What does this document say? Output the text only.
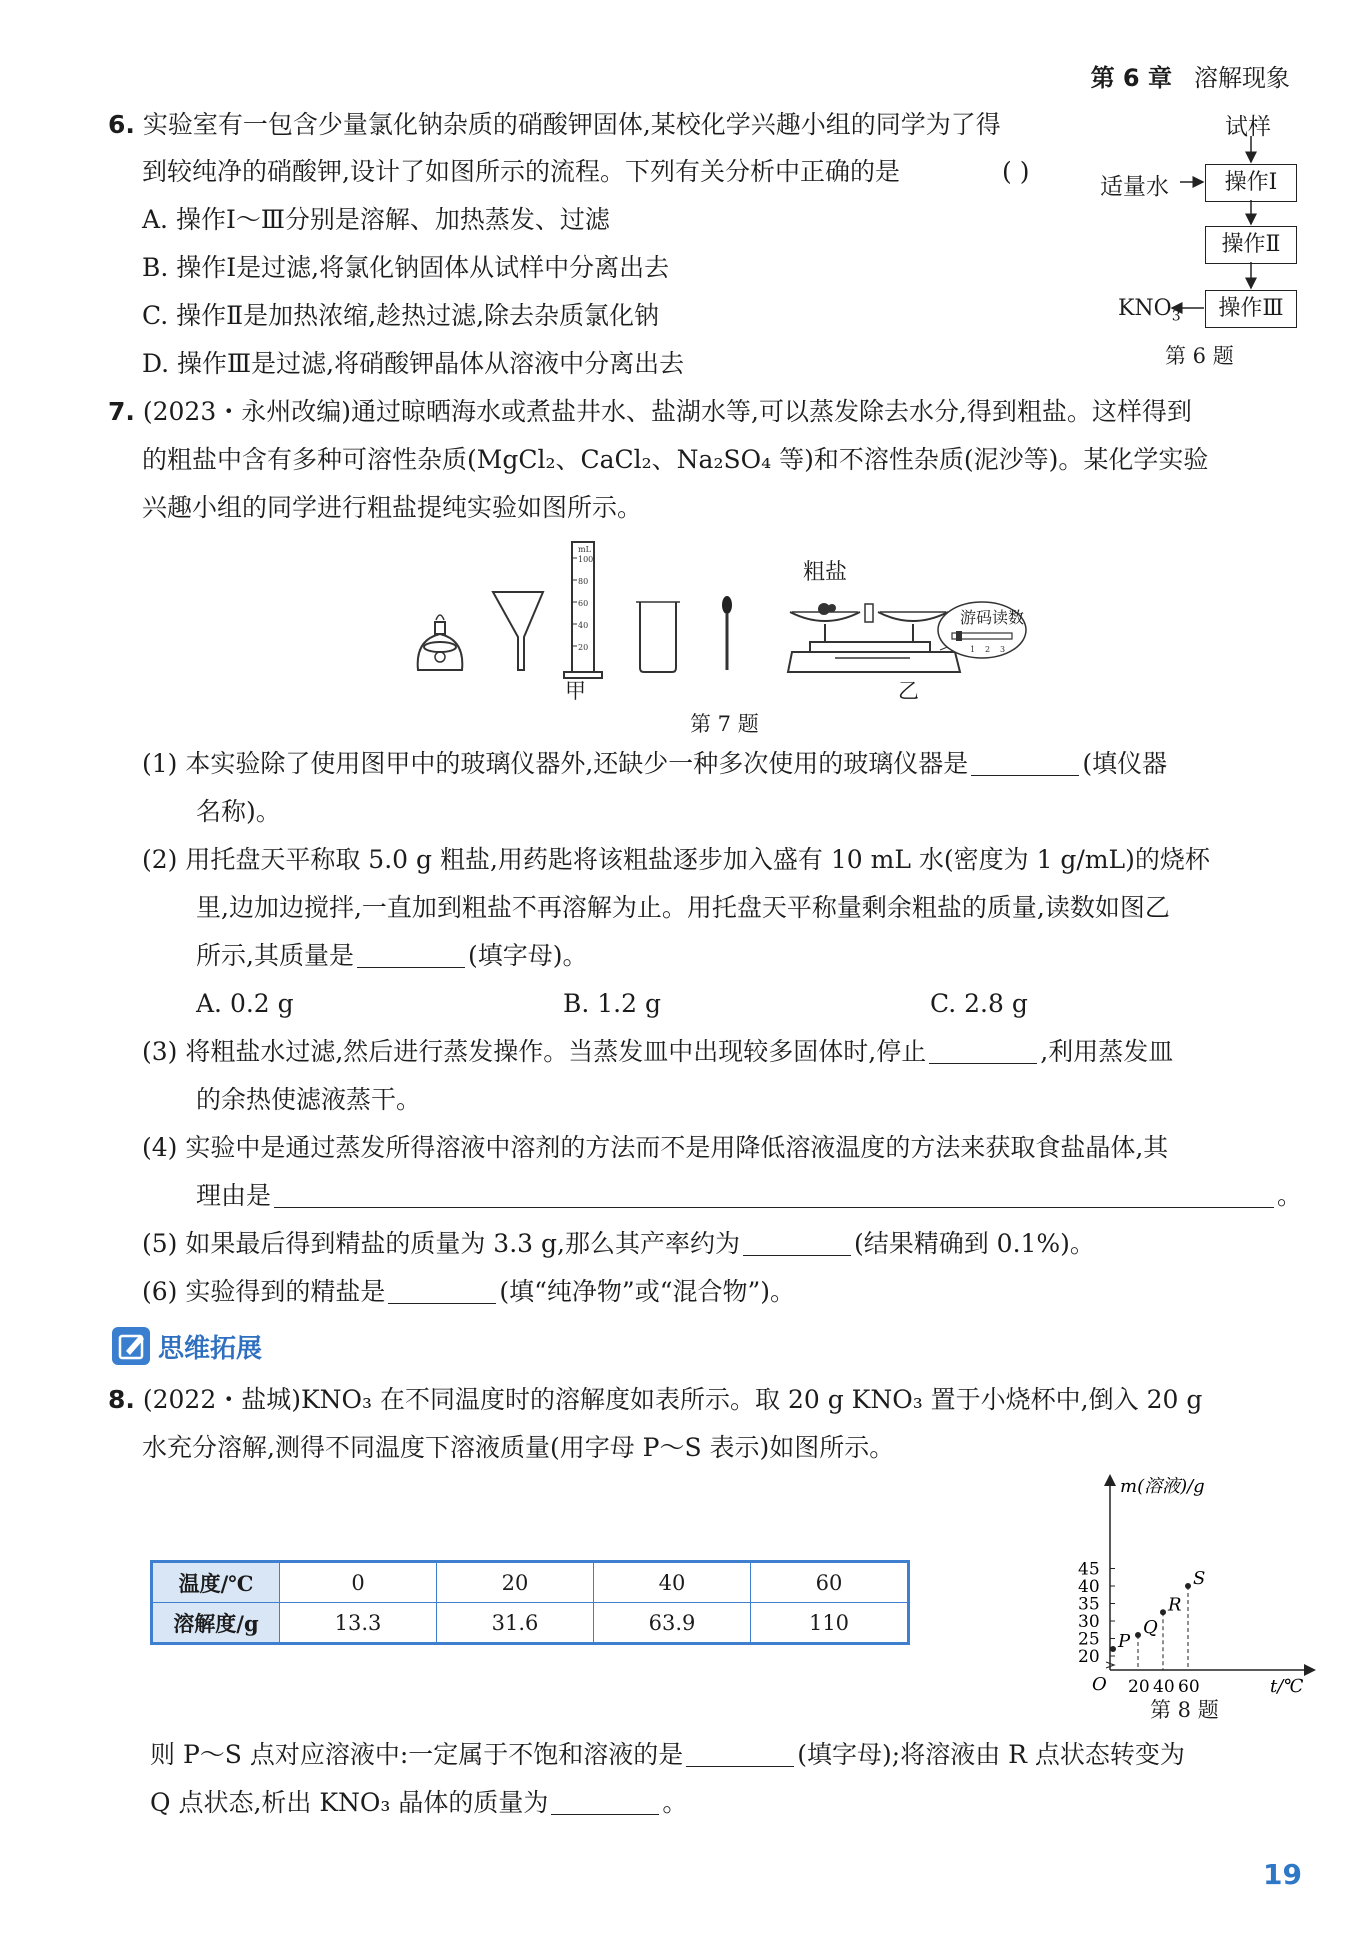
第 6 章 溶解现象
6. 实验室有一包含少量氯化钠杂质的硝酸钾固体,某校化学兴趣小组的同学为了得
到较纯净的硝酸钾,设计了如图所示的流程。下列有关分析中正确的是	( )
A. 操作Ⅰ～Ⅲ分别是溶解、加热蒸发、过滤
B. 操作Ⅰ是过滤,将氯化钠固体从试样中分离出去
C. 操作Ⅱ是加热浓缩,趁热过滤,除去杂质氯化钠
D. 操作Ⅲ是过滤,将硝酸钾晶体从溶液中分离出去
试样
适量水	操作Ⅰ
操作Ⅱ
操作Ⅲ
$KNO_3$
第 6 题
7. (2023・永州改编)通过晾晒海水或煮盐井水、盐湖水等,可以蒸发除去水分,得到粗盐。这样得到
的粗盐中含有多种可溶性杂质(MgCl₂、CaCl₂、Na₂SO₄ 等)和不溶性杂质(泥沙等)。某化学实验
兴趣小组的同学进行粗盐提纯实验如图所示。
mL
100
80
60
40
20	1 2 3
游码读数
粗盐
甲	乙
第 7 题
(1) 本实验除了使用图甲中的玻璃仪器外,还缺少一种多次使用的玻璃仪器是	(填仪器
名称)。
(2) 用托盘天平称取 5.0 g 粗盐,用药匙将该粗盐逐步加入盛有 10 mL 水(密度为 1 g/mL)的烧杯
里,边加边搅拌,一直加到粗盐不再溶解为止。用托盘天平称量剩余粗盐的质量,读数如图乙
所示,其质量是	(填字母)。
A. 0.2 g	B. 1.2 g	C. 2.8 g
(3) 将粗盐水过滤,然后进行蒸发操作。当蒸发皿中出现较多固体时,停止	,利用蒸发皿
的余热使滤液蒸干。
(4) 实验中是通过蒸发所得溶液中溶剂的方法而不是用降低溶液温度的方法来获取食盐晶体,其
理由是	。
(5) 如果最后得到精盐的质量为 3.3 g,那么其产率约为	(结果精确到 0.1%)。
(6) 实验得到的精盐是	(填“纯净物”或“混合物”)。
思维拓展
8. (2022・盐城)KNO₃ 在不同温度时的溶解度如表所示。取 20 g KNO₃ 置于小烧杯中,倒入 20 g
水充分溶解,测得不同温度下溶液质量(用字母 P～S 表示)如图所示。
温度/℃	0	20	40	60
溶解度/g	13.3	31.6	63.9	110
m(溶液)/g
t/℃
O 20 40 60
20
25
30
35
40
45
P
Q
R
S
第 8 题
则 P～S 点对应溶液中:一定属于不饱和溶液的是	(填字母);将溶液由 R 点状态转变为
Q 点状态,析出 KNO₃ 晶体的质量为	。
19
